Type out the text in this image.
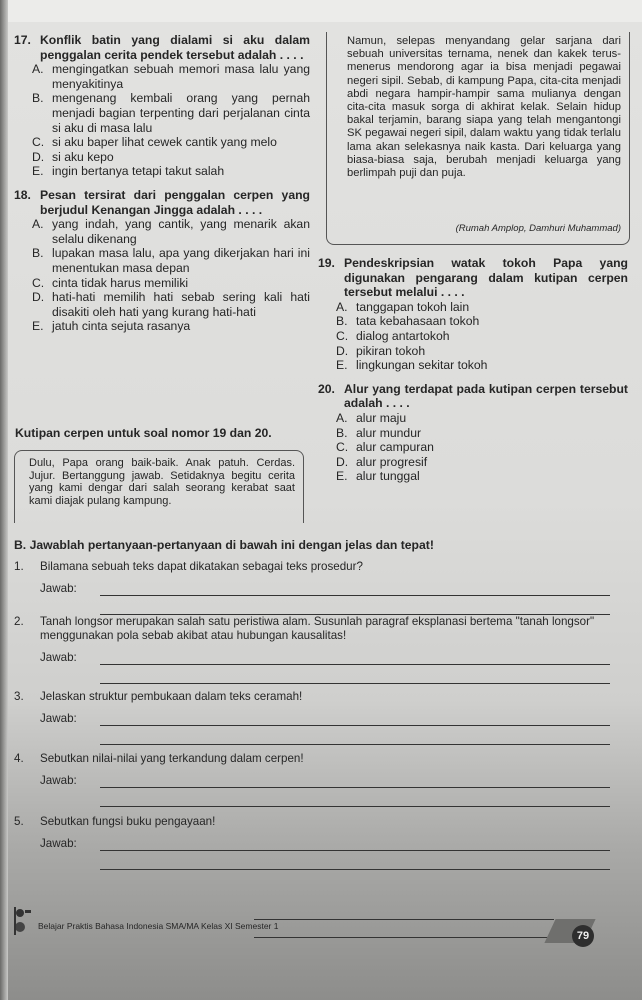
17. Konflik batin yang dialami si aku dalam penggalan cerita pendek tersebut adalah . . . .
A. mengingatkan sebuah memori masa lalu yang menyakitinya
B. mengenang kembali orang yang pernah menjadi bagian terpenting dari perjalanan cinta si aku di masa lalu
C. si aku baper lihat cewek cantik yang melo
D. si aku kepo
E. ingin bertanya tetapi takut salah
18. Pesan tersirat dari penggalan cerpen yang berjudul Kenangan Jingga adalah . . . .
A. yang indah, yang cantik, yang menarik akan selalu dikenang
B. lupakan masa lalu, apa yang dikerjakan hari ini menentukan masa depan
C. cinta tidak harus memiliki
D. hati-hati memilih hati sebab sering kali hati disakiti oleh hati yang kurang hati-hati
E. jatuh cinta sejuta rasanya

Namun, selepas menyandang gelar sarjana dari sebuah universitas ternama, nenek dan kakek terus-menerus mendorong agar ia bisa menjadi pegawai negeri sipil. Sebab, di kampung Papa, cita-cita menjadi abdi negara hampir-hampir sama mulianya dengan cita-cita masuk sorga di akhirat kelak. Selain hidup bakal terjamin, barang siapa yang telah mengantongi SK pegawai negeri sipil, dalam waktu yang tidak terlalu lama akan selekasnya naik kasta. Dari keluarga yang biasa-biasa saja, berubah menjadi keluarga yang berlimpah puji dan puja.

(Rumah Amplop, Damhuri Muhammad)
Kutipan cerpen untuk soal nomor 19 dan 20.

Dulu, Papa orang baik-baik. Anak patuh. Cerdas. Jujur. Bertanggung jawab. Setidaknya begitu cerita yang kami dengar dari salah seorang kerabat saat kami diajak pulang kampung.

19. Pendeskripsian watak tokoh Papa yang digunakan pengarang dalam kutipan cerpen tersebut melalui . . . .
A. tanggapan tokoh lain
B. tata kebahasaan tokoh
C. dialog antartokoh
D. pikiran tokoh
E. lingkungan sekitar tokoh
20. Alur yang terdapat pada kutipan cerpen tersebut adalah . . . .
A. alur maju
B. alur mundur
C. alur campuran
D. alur progresif
E. alur tunggal
B. Jawablah pertanyaan-pertanyaan di bawah ini dengan jelas dan tepat!
1.	Bilamana sebuah teks dapat dikatakan sebagai teks prosedur?
Jawab:
2.	Tanah longsor merupakan salah satu peristiwa alam. Susunlah paragraf eksplanasi bertema "tanah longsor" menggunakan pola sebab akibat atau hubungan kausalitas!
Jawab:
3.	Jelaskan struktur pembukaan dalam teks ceramah!
Jawab:
4.	Sebutkan nilai-nilai yang terkandung dalam cerpen!
Jawab:
5.	Sebutkan fungsi buku pengayaan!
Jawab:
Belajar Praktis Bahasa Indonesia SMA/MA Kelas XI Semester 1
79
